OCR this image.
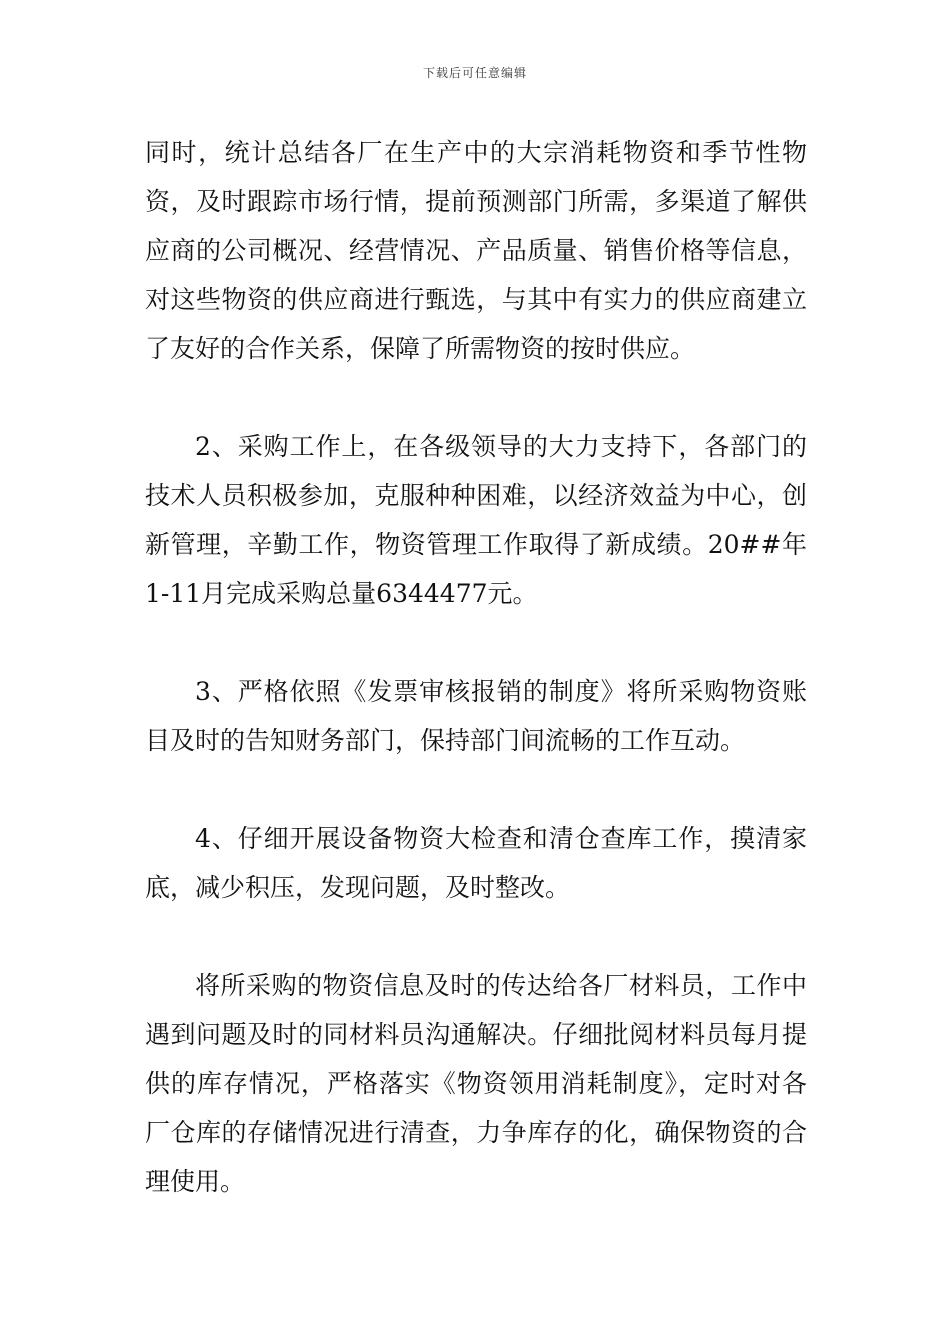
下载后可任意编辑

同时，统计总结各厂在生产中的大宗消耗物资和季节性物资，及时跟踪市场行情，提前预测部门所需，多渠道了解供应商的公司概况、经营情况、产品质量、销售价格等信息，对这些物资的供应商进行甄选，与其中有实力的供应商建立了友好的合作关系，保障了所需物资的按时供应。

2、采购工作上，在各级领导的大力支持下，各部门的技术人员积极参加，克服种种困难，以经济效益为中心，创新管理，辛勤工作，物资管理工作取得了新成绩。20##年1-11月完成采购总量6344477元。

3、严格依照《发票审核报销的制度》将所采购物资账目及时的告知财务部门，保持部门间流畅的工作互动。

4、仔细开展设备物资大检查和清仓查库工作，摸清家底，减少积压，发现问题，及时整改。

将所采购的物资信息及时的传达给各厂材料员，工作中遇到问题及时的同材料员沟通解决。仔细批阅材料员每月提供的库存情况，严格落实《物资领用消耗制度》，定时对各厂仓库的存储情况进行清查，力争库存的化，确保物资的合理使用。
